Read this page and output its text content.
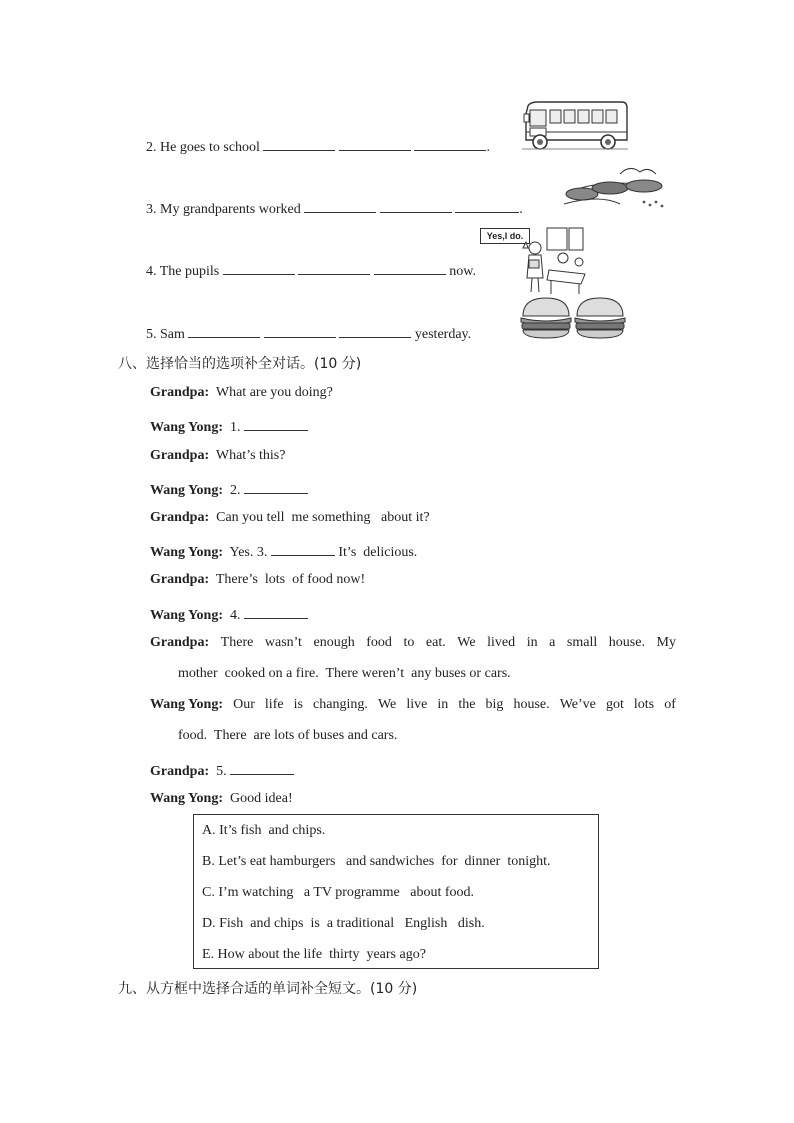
2. He goes to school	.
3. My grandparents worked	.
4. The pupils	now.
5. Sam	yesterday.
Yes,I do.
八、选择恰当的选项补全对话。(10 分)
Grandpa: What are you doing?
Wang Yong: 1.
Grandpa: What’s this?
Wang Yong: 2.
Grandpa: Can you tell  me something   about it?
Wang Yong: Yes. 3.	It’s  delicious.
Grandpa: There’s  lots  of food now!
Wang Yong: 4.
Grandpa: There wasn’t enough food to eat. We lived in a small house. My
mother  cooked on a fire.  There weren’t  any buses or cars.
Wang Yong: Our life is changing. We live in the big house. We’ve got lots of
food.  There  are lots of buses and cars.
Grandpa: 5.
Wang Yong: Good idea!
A. It’s fish  and chips.
B. Let’s eat hamburgers   and sandwiches  for  dinner  tonight.
C. I’m watching   a TV programme   about food.
D. Fish  and chips  is  a traditional   English   dish.
E. How about the life  thirty  years ago?
九、从方框中选择合适的单词补全短文。(10 分)
